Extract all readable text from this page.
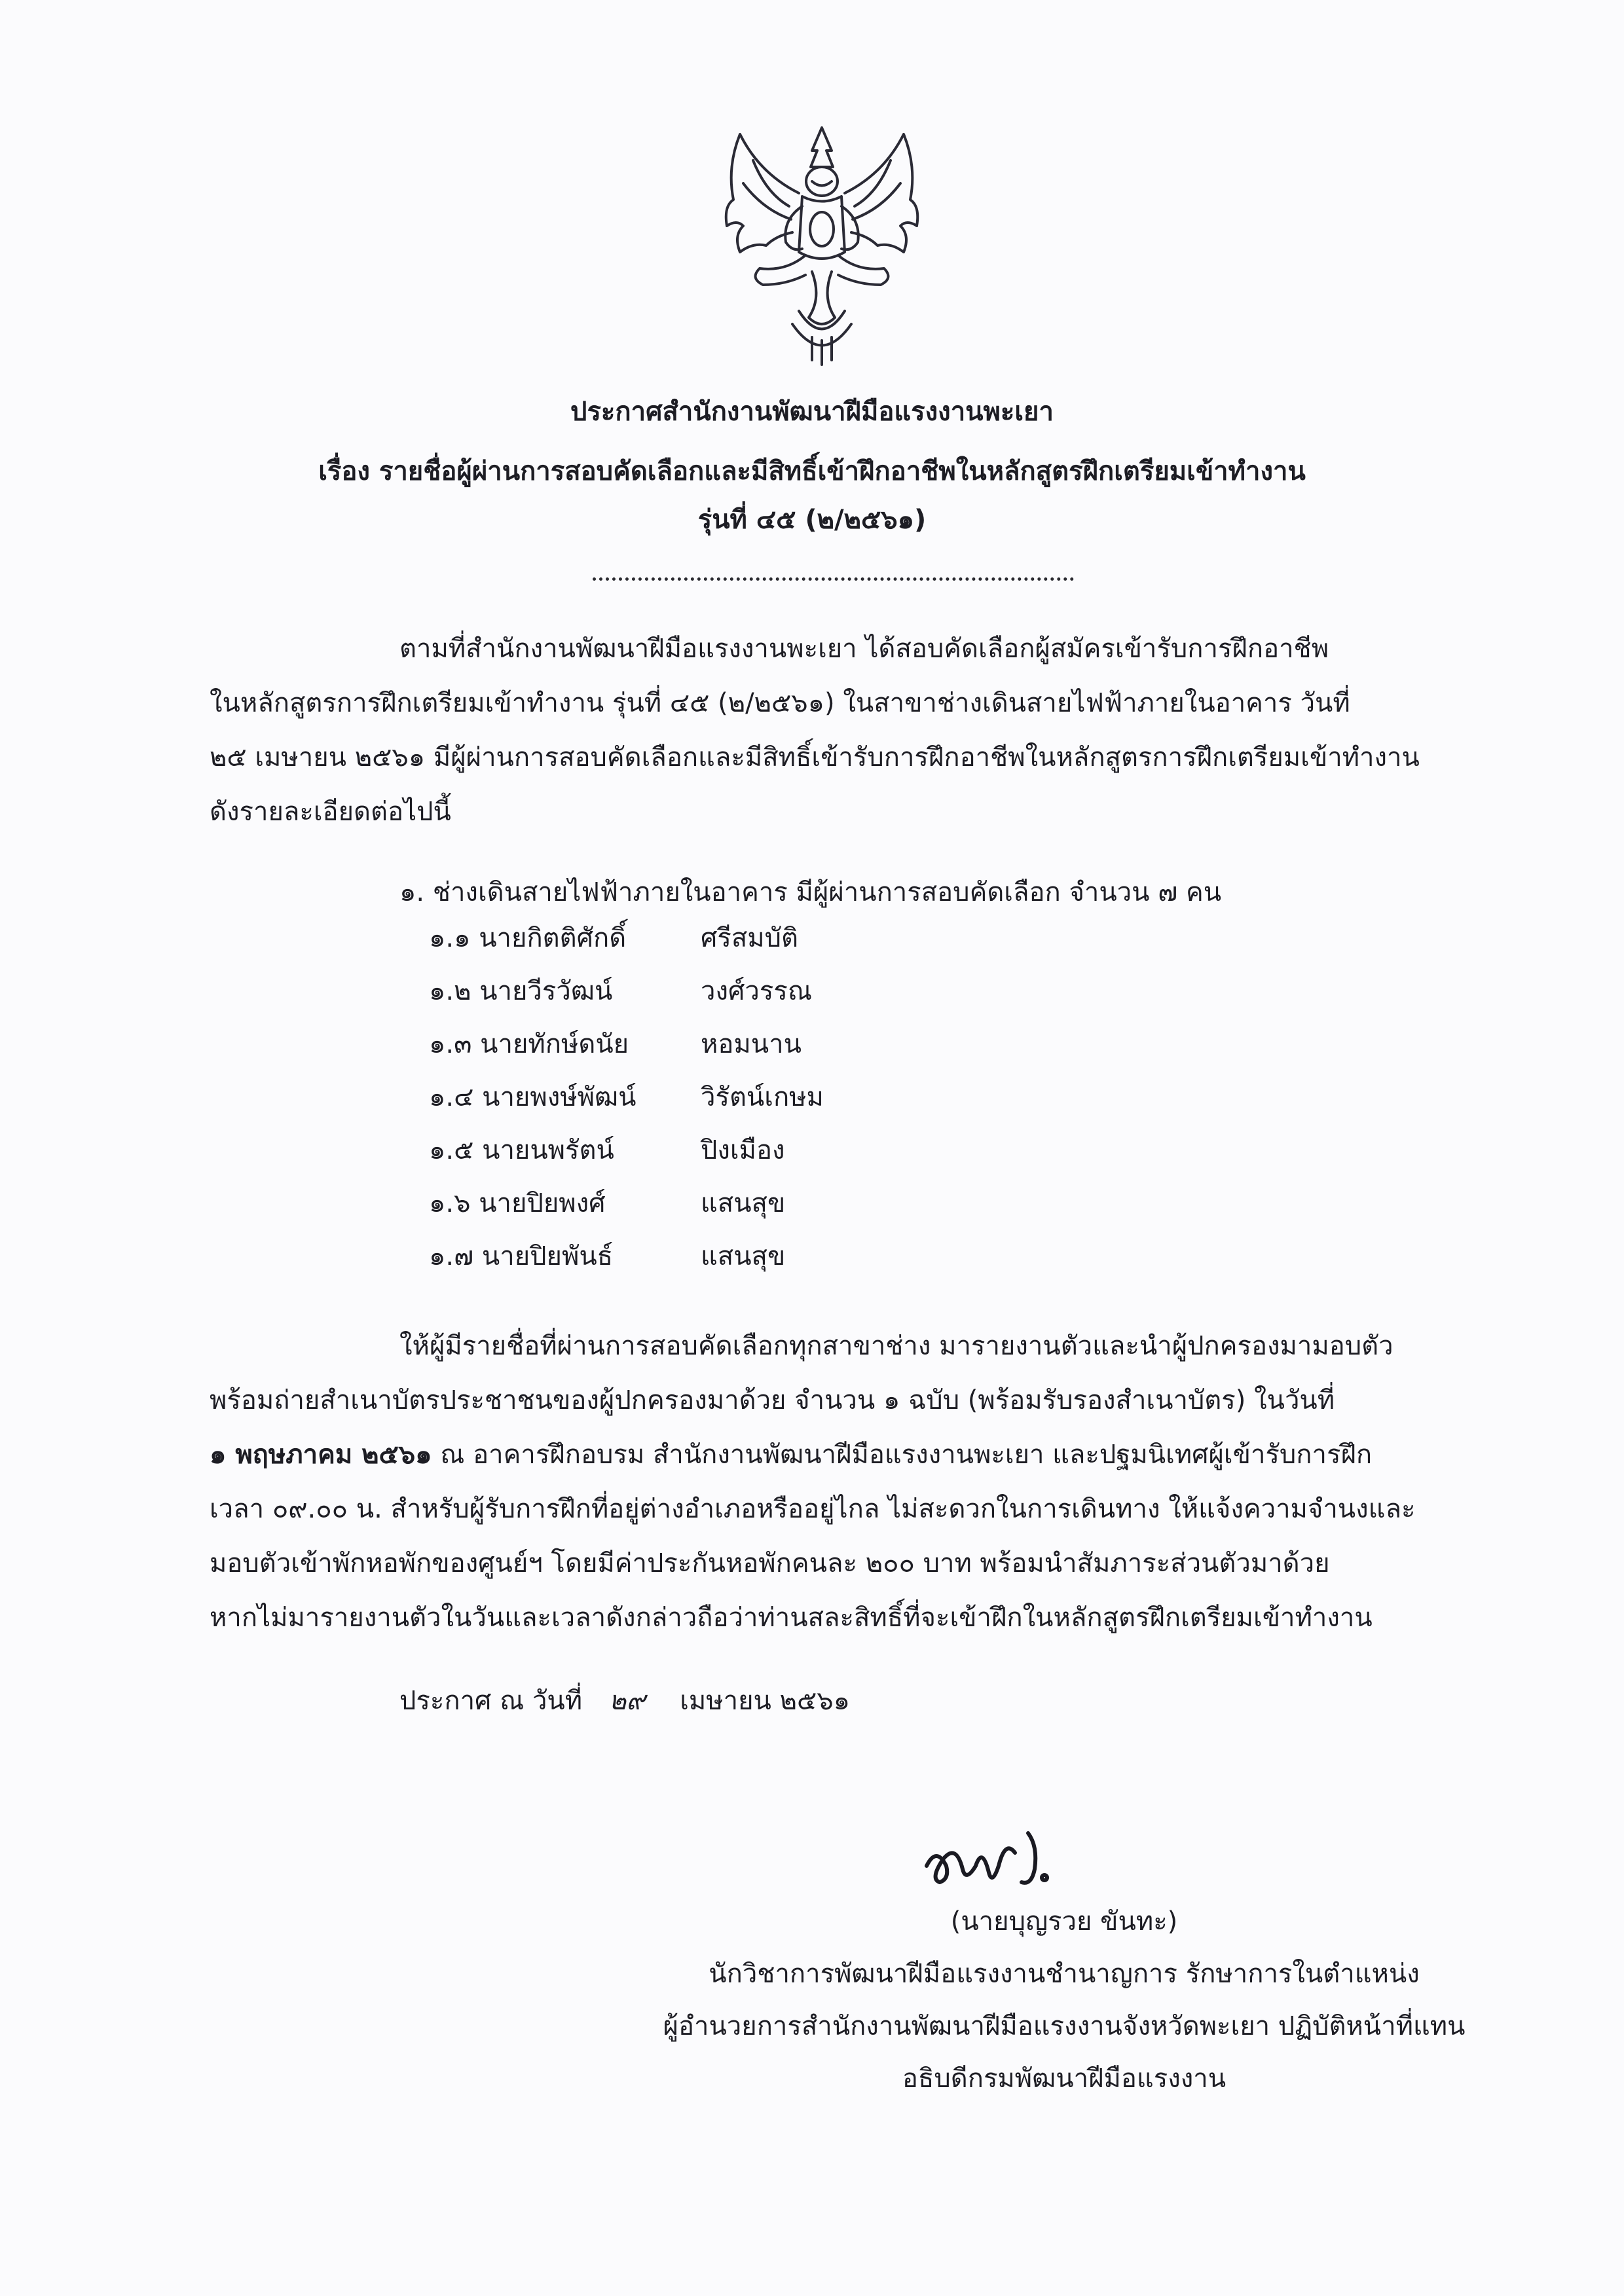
ประกาศสำนักงานพัฒนาฝีมือแรงงานพะเยา
เรื่อง รายชื่อผู้ผ่านการสอบคัดเลือกและมีสิทธิ์เข้าฝึกอาชีพในหลักสูตรฝึกเตรียมเข้าทำงาน
รุ่นที่ ๔๕ (๒/๒๕๖๑)
ตามที่สำนักงานพัฒนาฝีมือแรงงานพะเยา ได้สอบคัดเลือกผู้สมัครเข้ารับการฝึกอาชีพ
ในหลักสูตรการฝึกเตรียมเข้าทำงาน รุ่นที่ ๔๕ (๒/๒๕๖๑) ในสาขาช่างเดินสายไฟฟ้าภายในอาคาร วันที่
๒๕ เมษายน ๒๕๖๑ มีผู้ผ่านการสอบคัดเลือกและมีสิทธิ์เข้ารับการฝึกอาชีพในหลักสูตรการฝึกเตรียมเข้าทำงาน
ดังรายละเอียดต่อไปนี้
๑. ช่างเดินสายไฟฟ้าภายในอาคาร มีผู้ผ่านการสอบคัดเลือก จำนวน ๗ คน
๑.๑ นายกิตติศักดิ์	ศรีสมบัติ
๑.๒ นายวีรวัฒน์	วงศ์วรรณ
๑.๓ นายทักษ์ดนัย	หอมนาน
๑.๔ นายพงษ์พัฒน์ วิรัตน์เกษม
๑.๕ นายนพรัตน์	ปิงเมือง
๑.๖ นายปิยพงศ์	แสนสุข
๑.๗ นายปิยพันธ์	แสนสุข
ให้ผู้มีรายชื่อที่ผ่านการสอบคัดเลือกทุกสาขาช่าง มารายงานตัวและนำผู้ปกครองมามอบตัว
พร้อมถ่ายสำเนาบัตรประชาชนของผู้ปกครองมาด้วย จำนวน ๑ ฉบับ (พร้อมรับรองสำเนาบัตร) ในวันที่
๑ พฤษภาคม ๒๕๖๑ ณ อาคารฝึกอบรม สำนักงานพัฒนาฝีมือแรงงานพะเยา และปฐมนิเทศผู้เข้ารับการฝึก
เวลา ๐๙.๐๐ น. สำหรับผู้รับการฝึกที่อยู่ต่างอำเภอหรืออยู่ไกล ไม่สะดวกในการเดินทาง ให้แจ้งความจำนงและ
มอบตัวเข้าพักหอพักของศูนย์ฯ โดยมีค่าประกันหอพักคนละ ๒๐๐ บาท พร้อมนำสัมภาระส่วนตัวมาด้วย
หากไม่มารายงานตัวในวันและเวลาดังกล่าวถือว่าท่านสละสิทธิ์ที่จะเข้าฝึกในหลักสูตรฝึกเตรียมเข้าทำงาน
ประกาศ ณ วันที่ ๒๙ เมษายน ๒๕๖๑
(นายบุญรวย ขันทะ)
นักวิชาการพัฒนาฝีมือแรงงานชำนาญการ รักษาการในตำแหน่ง
ผู้อำนวยการสำนักงานพัฒนาฝีมือแรงงานจังหวัดพะเยา ปฏิบัติหน้าที่แทน
อธิบดีกรมพัฒนาฝีมือแรงงาน
